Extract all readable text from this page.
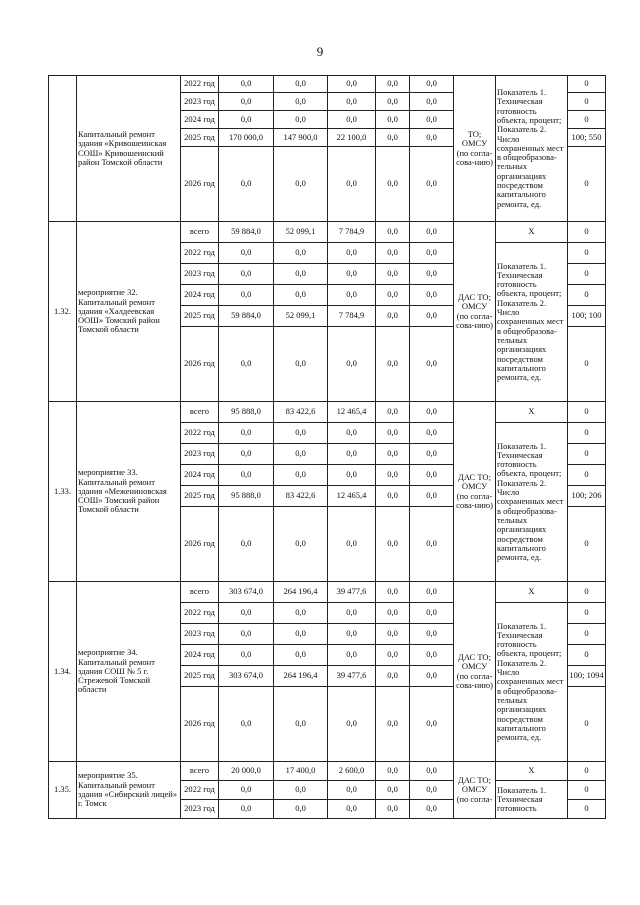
9
	Капитальный ремонт здания «Кривошеинская СОШ» Кривошеинский район Томской области	2022 год	0,0	0,0	0,0	0,0	0,0	ТО; ОМСУ (по согла-сова-нию)	Показатель 1. Техническая готовность объекта, процент; Показатель 2. Число сохраненных мест в общеобразова-тельных организациях посредством капитального ремонта, ед.	0
		2023 год	0,0	0,0	0,0	0,0	0,0			0
		2024 год	0,0	0,0	0,0	0,0	0,0			0
		2025 год	170 000,0	147 900,0	22 100,0	0,0	0,0			100; 550
		2026 год	0,0	0,0	0,0	0,0	0,0			0
1.32.	мероприятие 32. Капитальный ремонт здания «Халдеевская ООШ» Томский район Томской области	всего	59 884,0	52 099,1	7 784,9	0,0	0,0	ДАС ТО; ОМСУ (по согла-сова-нию)	X	0
		2022 год	0,0	0,0	0,0	0,0	0,0		Показатель 1. Техническая готовность объекта, процент; Показатель 2. Число сохраненных мест в общеобразова-тельных организациях посредством капитального ремонта, ед.	0
		2023 год	0,0	0,0	0,0	0,0	0,0			0
		2024 год	0,0	0,0	0,0	0,0	0,0			0
		2025 год	59 884,0	52 099,1	7 784,9	0,0	0,0			100; 100
		2026 год	0,0	0,0	0,0	0,0	0,0			0
1.33.	мероприятие 33. Капитальный ремонт здания «Межениновская СОШ» Томский район Томской области	всего	95 888,0	83 422,6	12 465,4	0,0	0,0	ДАС ТО; ОМСУ (по согла-сова-нию)	X	0
		2022 год	0,0	0,0	0,0	0,0	0,0		Показатель 1. Техническая готовность объекта, процент; Показатель 2. Число сохраненных мест в общеобразова-тельных организациях посредством капитального ремонта, ед.	0
		2023 год	0,0	0,0	0,0	0,0	0,0			0
		2024 год	0,0	0,0	0,0	0,0	0,0			0
		2025 год	95 888,0	83 422,6	12 465,4	0,0	0,0			100; 206
		2026 год	0,0	0,0	0,0	0,0	0,0			0
1.34.	мероприятие 34. Капитальный ремонт здания СОШ № 5 г. Стрежевой Томской области	всего	303 674,0	264 196,4	39 477,6	0,0	0,0	ДАС ТО; ОМСУ (по согла-сова-нию)	X	0
		2022 год	0,0	0,0	0,0	0,0	0,0		Показатель 1. Техническая готовность объекта, процент; Показатель 2. Число сохраненных мест в общеобразова-тельных организациях посредством капитального ремонта, ед.	0
		2023 год	0,0	0,0	0,0	0,0	0,0			0
		2024 год	0,0	0,0	0,0	0,0	0,0			0
		2025 год	303 674,0	264 196,4	39 477,6	0,0	0,0			100; 1094
		2026 год	0,0	0,0	0,0	0,0	0,0			0
1.35.	мероприятие 35. Капитальный ремонт здания «Сибирский лицей» г. Томск	всего	20 000,0	17 400,0	2 600,0	0,0	0,0	ДАС ТО; ОМСУ (по согла-	X	0
		2022 год	0,0	0,0	0,0	0,0	0,0		Показатель 1. Техническая готовность	0
		2023 год	0,0	0,0	0,0	0,0	0,0			0
